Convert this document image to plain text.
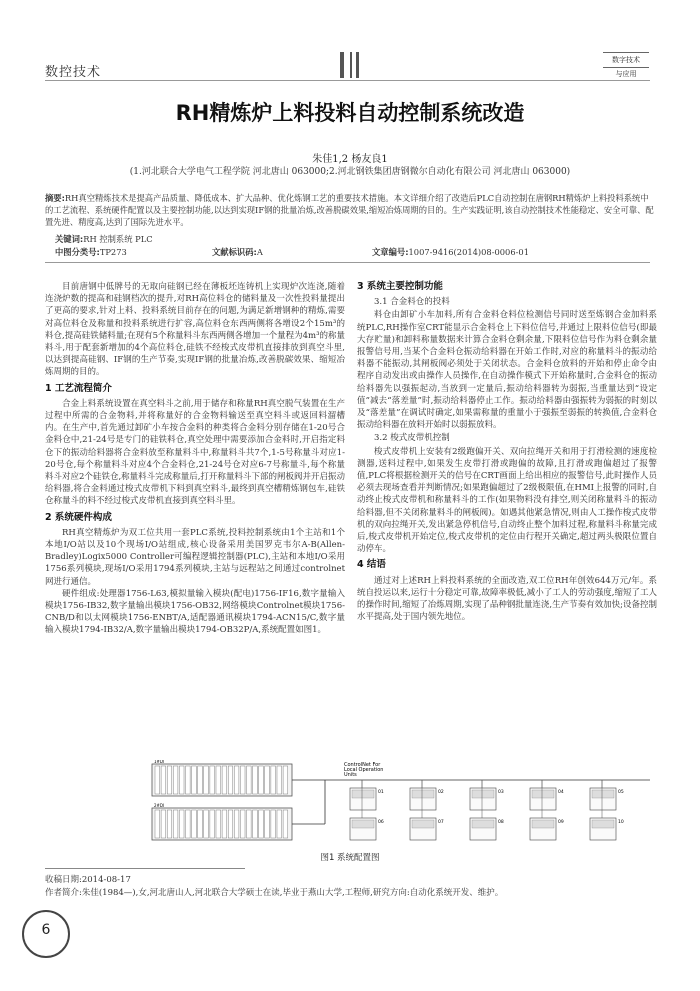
数控技术
数字技术
与应用
RH精炼炉上料投料自动控制系统改造
朱佳1,2 杨友良1
(1.河北联合大学电气工程学院 河北唐山 063000;2.河北钢铁集团唐钢微尔自动化有限公司 河北唐山 063000)
摘要:RH真空精炼技术是提高产品质量、降低成本、扩大品种、优化炼钢工艺的重要技术措施。本文详细介绍了改造后PLC自动控制在唐钢RH精炼炉上料投料系统中的工艺流程、系统硬件配置以及主要控制功能,以达到实现IF钢的批量冶炼,改善脱碳效果,缩短冶炼周期的目的。生产实践证明,该自动控制技术性能稳定、安全可靠、配置先进、精度高,达到了国际先进水平。
关键词:RH 控制系统 PLC
中图分类号:TP273	文献标识码:A	文章编号:1007-9416(2014)08-0006-01

目前唐钢中低牌号的无取向硅钢已经在薄板坯连铸机上实现炉次连浇,随着连浇炉数的提高和硅钢档次的提升,对RH高位料仓的储料量及一次性投料量提出了更高的要求,针对上料、投料系统目前存在的问题,为满足新增钢种的精炼,需要对高位料仓及称量和投料系统进行扩容,高位料仓东西两侧将各增设2个15m³的料仓,提高硅铁储料量;在现有5个称量料斗东西两侧各增加一个量程为4m³的称量料斗,用于配套新增加的4个高位料仓,硅铁不经梭式皮带机直接排放到真空斗里,以达到提高硅钢、IF钢的生产节奏,实现IF钢的批量冶炼,改善脱碳效果、缩短冶炼周期的目的。

1 工艺流程简介

合金上料系统设置在真空料斗之前,用于储存和称量RH真空脱气装置在生产过程中所需的合金物料,并将称量好的合金物料输送至真空料斗或返回料溜槽内。在生产中,首先通过卸矿小车按合金料的种类将合金料分别存储在1-20号合金料仓中,21-24号是专门的硅铁料仓,真空处理中需要添加合金料时,开启指定料仓下的振动给料器将合金料放至称量料斗中,称量料斗共7个,1-5号称量斗对应1-20号仓,每个称量料斗对应4个合金料仓,21-24号仓对应6-7号称量斗,每个称量料斗对应2个硅铁仓,称量料斗完成称量后,打开称量料斗下部的闸板阀并开启振动给料器,将合金料通过梭式皮带机下料到真空料斗,最终到真空槽精炼钢包车,硅铁仓称量斗的料不经过梭式皮带机直接到真空料斗里。

2 系统硬件构成

RH真空精炼炉为双工位共用一套PLC系统,投料控制系统由1个主站和1个本地I/O站以及10个现场I/O站组成,核心设备采用美国罗克韦尔A-B(Allen-Bradley)Logix5000 Controller可编程逻辑控制器(PLC),主站和本地I/O采用1756系列模块,现场I/O采用1794系列模块,主站与远程站之间通过controlnet网进行通信。

硬件组成:处理器1756-L63,模拟量输入模块(配电)1756-IF16,数字量输入模块1756-IB32,数字量输出模块1756-OB32,网络模块Controlnet模块1756-CNB/D和以太网模块1756-ENBT/A,适配器通讯模块1794-ACN15/C,数字量输入模块1794-IB32/A,数字量输出模块1794-OB32P/A,系统配置如图1。

3 系统主要控制功能
3.1 合金料仓的投料

料仓由卸矿小车加料,所有合金料仓料位检测信号同时送至炼钢合金加料系统PLC,RH操作室CRT能显示合金料仓上下料位信号,并通过上限料位信号(即最大存贮量)和卸料称量数据来计算合金料仓剩余量,下限料位信号作为料仓剩余量报警信号用,当某个合金料仓振动给料器在开始工作时,对应的称量料斗的振动给料器不能振动,其闸板阀必须处于关闭状态。合金料仓放料的开始和停止命令由程序自动发出或由操作人员操作,在自动操作模式下开始称量时,合金料仓的振动给料器先以强振起动,当放到一定量后,振动给料器转为弱振,当重量达到“设定值”减去“落差量”时,振动给料器停止工作。振动给料器由强振转为弱振的时刻以及“落差量”在调试时确定,如果需称量的重量小于强振至弱振的转换值,合金料仓振动给料器在放料开始时以弱振放料。

3.2 梭式皮带机控制

梭式皮带机上安装有2级跑偏开关、双向拉绳开关和用于打滑检测的速度检测器,送料过程中,如果发生皮带打滑或跑偏的故障,且打滑或跑偏超过了报警值,PLC将根据检测开关的信号在CRT画面上给出相应的报警信号,此时操作人员必须去现场查看并判断情况;如果跑偏超过了2级极限值,在HMI上报警的同时,自动终止梭式皮带机和称量料斗的工作(如果物料没有排空,则关闭称量料斗的振动给料器,但不关闭称量料斗的闸板阀)。如遇其他紧急情况,则由人工操作梭式皮带机的双向拉绳开关,发出紧急停机信号,自动终止整个加料过程,称量料斗称量完成后,梭式皮带机开始定位,梭式皮带机的定位由行程开关确定,超过两头极限位置自动停车。

4 结语

通过对上述RH上料投料系统的全面改造,双工位RH年创效644万元/年。系统自投运以来,运行十分稳定可靠,故障率极低,减小了工人的劳动强度,缩短了工人的操作时间,缩短了冶炼周期,实现了品种钢批量连浇,生产节奏有效加快;设备控制水平提高,处于国内领先地位。

1#DI
2#DI
ControlNet For
Local Operation
Units
01	02	03	04	05
06	07	08	09	10
图1 系统配置图
收稿日期:2014-08-17
作者简介:朱佳(1984—),女,河北唐山人,河北联合大学硕士在读,毕业于燕山大学,工程师,研究方向:自动化系统开发、维护。
6
